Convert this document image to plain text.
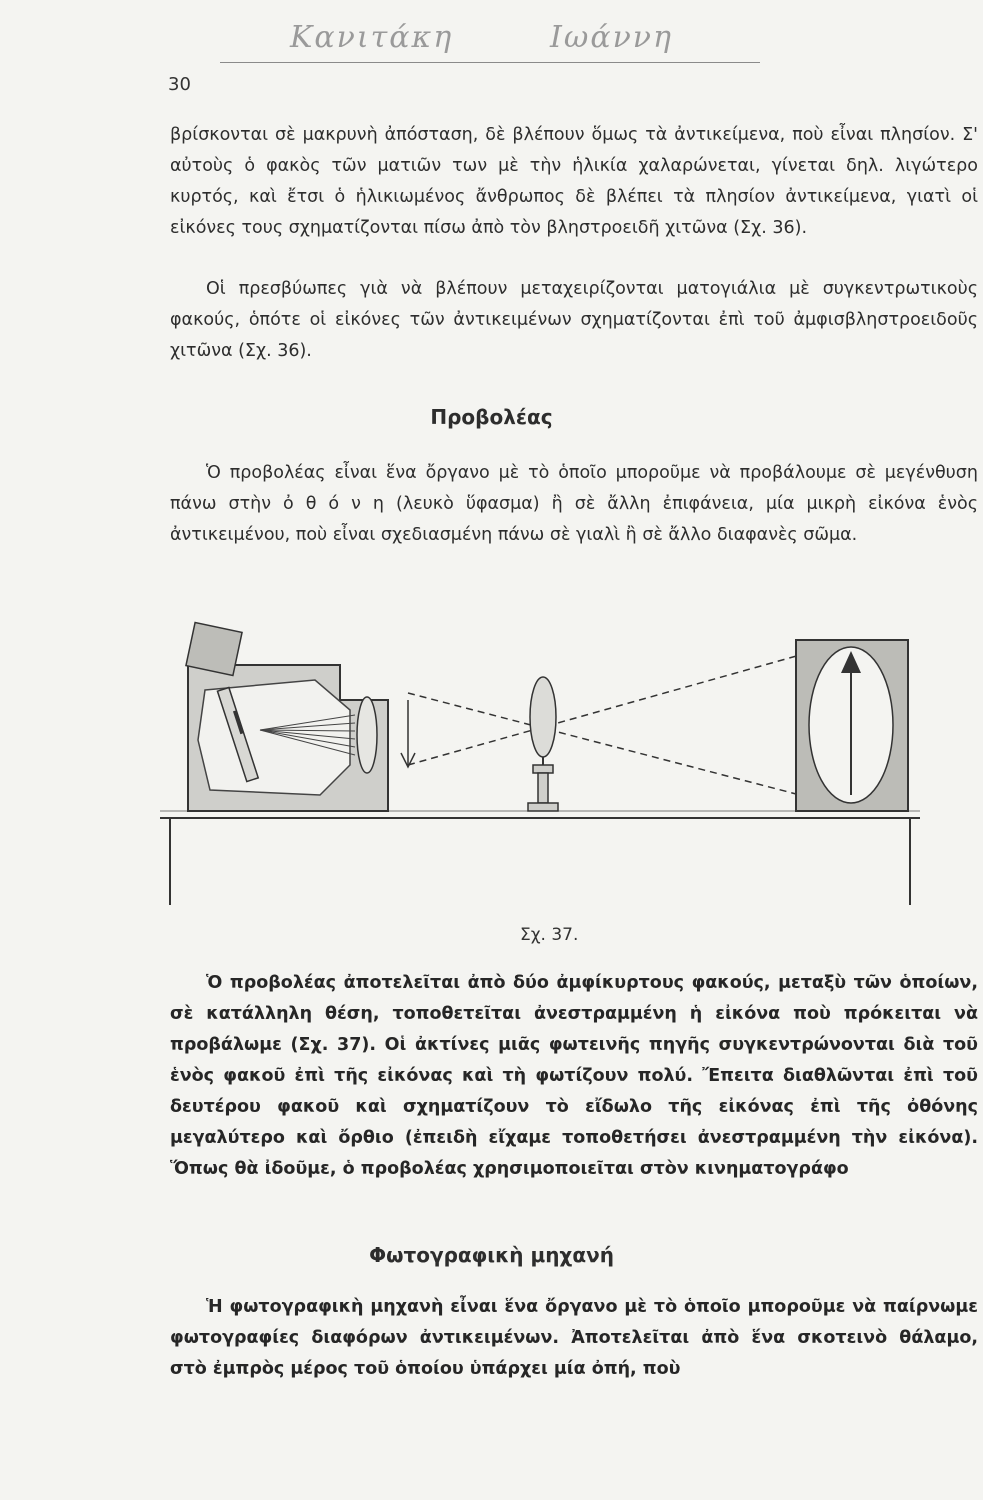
Κανιτάκη	Ιωάννη
30

βρίσκονται σὲ μακρυνὴ ἀπόσταση, δὲ βλέπουν ὅμως τὰ ἀντικείμενα, ποὺ εἶναι πλησίον. Σ' αὐτοὺς ὁ φακὸς τῶν ματιῶν των μὲ τὴν ἡλικία χαλαρώνεται, γίνεται δηλ. λιγώτερο κυρτός, καὶ ἔτσι ὁ ἡλικιωμένος ἄνθρωπος δὲ βλέπει τὰ πλησίον ἀντικείμενα, γιατὶ οἱ εἰκόνες τους σχηματίζονται πίσω ἀπὸ τὸν βληστροειδῆ χιτῶνα (Σχ. 36).

Οἱ πρεσβύωπες γιὰ νὰ βλέπουν μεταχειρίζονται ματογιάλια μὲ συγκεντρωτικοὺς φακούς, ὁπότε οἱ εἰκόνες τῶν ἀντικειμένων σχηματίζονται ἐπὶ τοῦ ἀμφισβληστροειδοῦς χιτῶνα (Σχ. 36).

Προβολέας

Ὁ προβολέας εἶναι ἕνα ὄργανο μὲ τὸ ὁποῖο μποροῦμε νὰ προβάλουμε σὲ μεγένθυση πάνω στὴν ὀ θ ό ν η (λευκὸ ὕφασμα) ἢ σὲ ἄλλη ἐπιφάνεια, μία μικρὴ εἰκόνα ἑνὸς ἀντικειμένου, ποὺ εἶναι σχεδιασμένη πάνω σὲ γιαλὶ ἢ σὲ ἄλλο διαφανὲς σῶμα.

Σχ. 37.

Ὁ προβολέας ἀποτελεῖται ἀπὸ δύο ἀμφίκυρτους φακούς, μεταξὺ τῶν ὁποίων, σὲ κατάλληλη θέση, τοποθετεῖται ἀνεστραμμένη ἡ εἰκόνα ποὺ πρόκειται νὰ προβάλωμε (Σχ. 37). Οἱ ἀκτίνες μιᾶς φωτεινῆς πηγῆς συγκεντρώνονται διὰ τοῦ ἑνὸς φακοῦ ἐπὶ τῆς εἰκόνας καὶ τὴ φωτίζουν πολύ. Ἔπειτα διαθλῶνται ἐπὶ τοῦ δευτέρου φακοῦ καὶ σχηματίζουν τὸ εἴδωλο τῆς εἰκόνας ἐπὶ τῆς ὀθόνης μεγαλύτερο καὶ ὄρθιο (ἐπειδὴ εἴχαμε τοποθετήσει ἀνεστραμμένη τὴν εἰκόνα). Ὅπως θὰ ἰδοῦμε, ὁ προβολέας χρησιμοποιεῖται στὸν κινηματογράφο

Φωτογραφικὴ μηχανή

Ἡ φωτογραφικὴ μηχανὴ εἶναι ἕνα ὄργανο μὲ τὸ ὁποῖο μποροῦμε νὰ παίρνωμε φωτογραφίες διαφόρων ἀντικειμένων. Ἀποτελεῖται ἀπὸ ἕνα σκοτεινὸ θάλαμο, στὸ ἐμπρὸς μέρος τοῦ ὁποίου ὑπάρχει μία ὀπή, ποὺ
